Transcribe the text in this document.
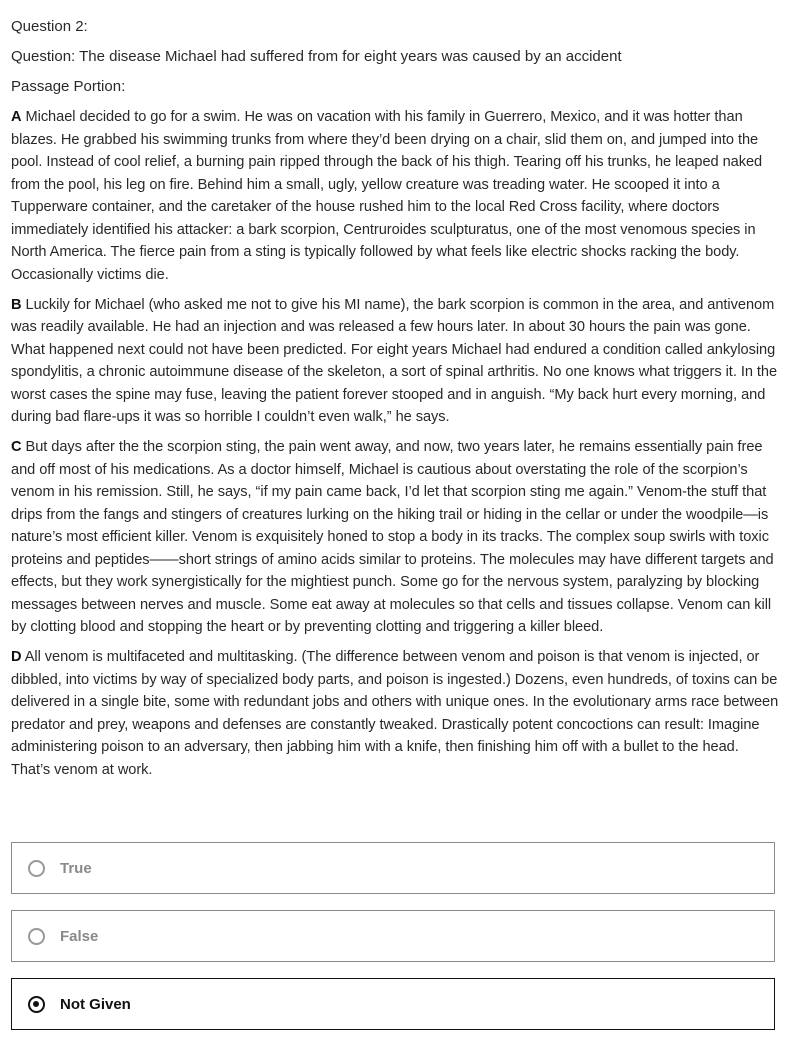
Question 2:
Question: The disease Michael had suffered from for eight years was caused by an accident
Passage Portion:

A Michael decided to go for a swim. He was on vacation with his family in Guerrero, Mexico, and it was hotter than blazes. He grabbed his swimming trunks from where they’d been drying on a chair, slid them on, and jumped into the pool. Instead of cool relief, a burning pain ripped through the back of his thigh. Tearing off his trunks, he leaped naked from the pool, his leg on fire. Behind him a small, ugly, yellow creature was treading water. He scooped it into a Tupperware container, and the caretaker of the house rushed him to the local Red Cross facility, where doctors immediately identified his attacker: a bark scorpion, Centruroides sculpturatus, one of the most venomous species in North America. The fierce pain from a sting is typically followed by what feels like electric shocks racking the body. Occasionally victims die.

B Luckily for Michael (who asked me not to give his MI name), the bark scorpion is common in the area, and antivenom was readily available. He had an injection and was released a few hours later. In about 30 hours the pain was gone. What happened next could not have been predicted. For eight years Michael had endured a condition called ankylosing spondylitis, a chronic autoimmune disease of the skeleton, a sort of spinal arthritis. No one knows what triggers it. In the worst cases the spine may fuse, leaving the patient forever stooped and in anguish. “My back hurt every morning, and during bad flare-ups it was so horrible I couldn’t even walk,” he says.

C But days after the the scorpion sting, the pain went away, and now, two years later, he remains essentially pain free and off most of his medications. As a doctor himself, Michael is cautious about overstating the role of the scorpion’s venom in his remission. Still, he says, “if my pain came back, I’d let that scorpion sting me again.” Venom-the stuff that drips from the fangs and stingers of creatures lurking on the hiking trail or hiding in the cellar or under the woodpile—is nature’s most efficient killer. Venom is exquisitely honed to stop a body in its tracks. The complex soup swirls with toxic proteins and peptides——short strings of amino acids similar to proteins. The molecules may have different targets and effects, but they work synergistically for the mightiest punch. Some go for the nervous system, paralyzing by blocking messages between nerves and muscle. Some eat away at molecules so that cells and tissues collapse. Venom can kill by clotting blood and stopping the heart or by preventing clotting and triggering a killer bleed.

D All venom is multifaceted and multitasking. (The difference between venom and poison is that venom is injected, or dibbled, into victims by way of specialized body parts, and poison is ingested.) Dozens, even hundreds, of toxins can be delivered in a single bite, some with redundant jobs and others with unique ones. In the evolutionary arms race between predator and prey, weapons and defenses are constantly tweaked. Drastically potent concoctions can result: Imagine administering poison to an adversary, then jabbing him with a knife, then finishing him off with a bullet to the head. That’s venom at work.

True
False
Not Given
